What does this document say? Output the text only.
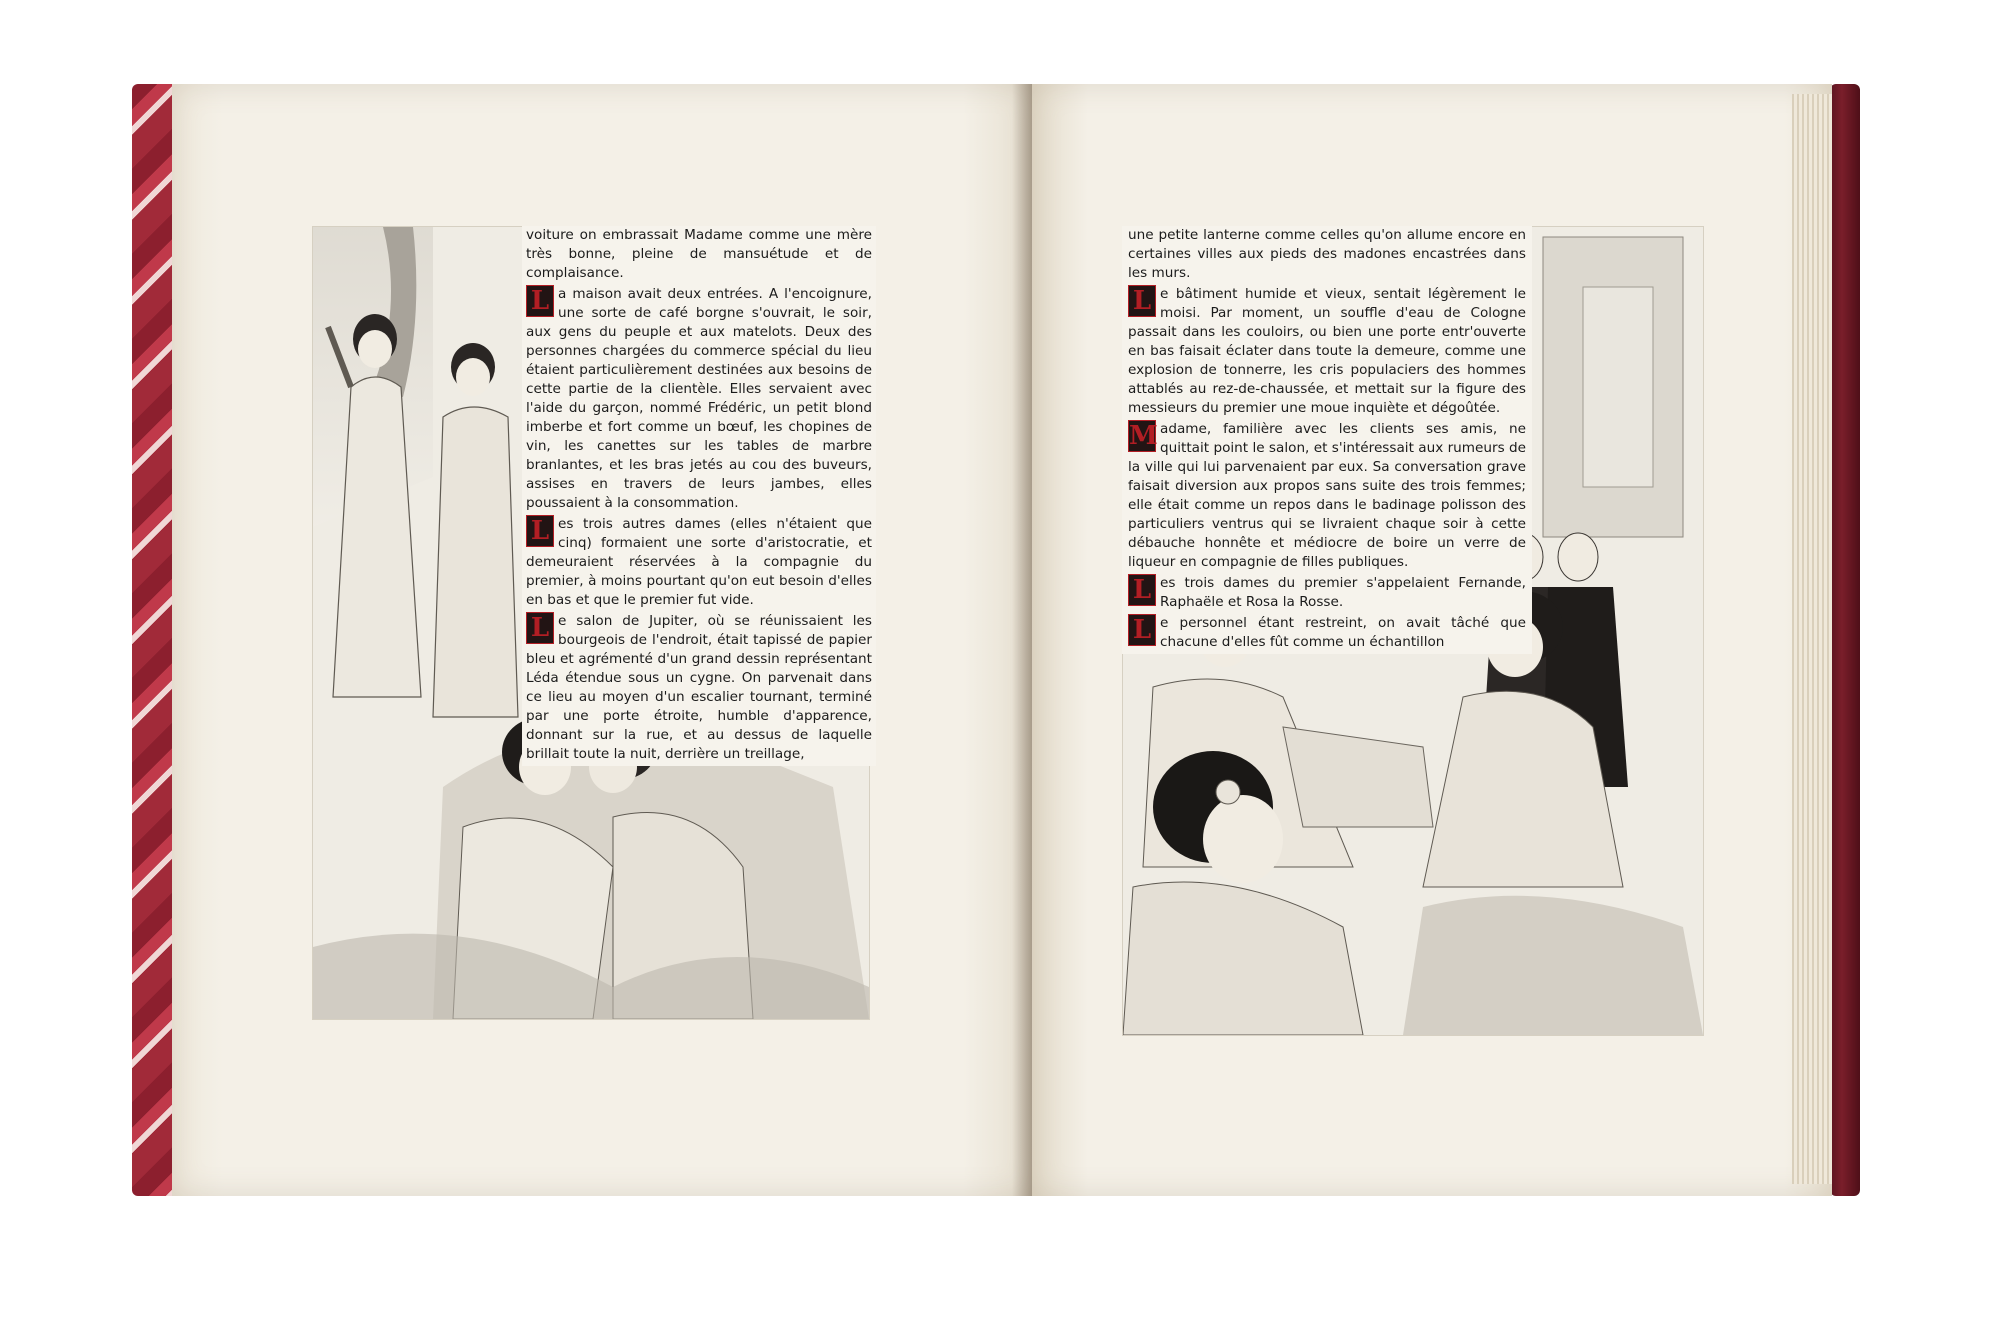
voiture on embrassait Madame comme une mère très bonne, pleine de mansuétude et de complaisance.

L a maison avait deux entrées. A l'encoignure, une sorte de café borgne s'ouvrait, le soir, aux gens du peuple et aux matelots. Deux des personnes chargées du commerce spécial du lieu étaient particulièrement destinées aux besoins de cette partie de la clientèle. Elles servaient avec l'aide du garçon, nommé Frédéric, un petit blond imberbe et fort comme un bœuf, les chopines de vin, les canettes sur les tables de marbre branlantes, et les bras jetés au cou des buveurs, assises en travers de leurs jambes, elles poussaient à la consommation.

L es trois autres dames (elles n'étaient que cinq) formaient une sorte d'aristocratie, et demeuraient réservées à la compagnie du premier, à moins pourtant qu'on eut besoin d'elles en bas et que le premier fut vide.

L e salon de Jupiter, où se réunissaient les bourgeois de l'endroit, était tapissé de papier bleu et agrémenté d'un grand dessin représentant Léda étendue sous un cygne. On parvenait dans ce lieu au moyen d'un escalier tournant, terminé par une porte étroite, humble d'apparence, donnant sur la rue, et au dessus de laquelle brillait toute la nuit, derrière un treillage,

une petite lanterne comme celles qu'on allume encore en certaines villes aux pieds des madones encastrées dans les murs.

L e bâtiment humide et vieux, sentait légèrement le moisi. Par moment, un souffle d'eau de Cologne passait dans les couloirs, ou bien une porte entr'ouverte en bas faisait éclater dans toute la demeure, comme une explosion de tonnerre, les cris populaciers des hommes attablés au rez-de-chaussée, et mettait sur la figure des messieurs du premier une moue inquiète et dégoûtée.

M adame, familière avec les clients ses amis, ne quittait point le salon, et s'intéressait aux rumeurs de la ville qui lui parvenaient par eux. Sa conversation grave faisait diversion aux propos sans suite des trois femmes; elle était comme un repos dans le badinage polisson des particuliers ventrus qui se livraient chaque soir à cette débauche honnête et médiocre de boire un verre de liqueur en compagnie de filles publiques.

L es trois dames du premier s'appelaient Fernande, Raphaële et Rosa la Rosse.

L e personnel étant restreint, on avait tâché que chacune d'elles fût comme un échantillon
